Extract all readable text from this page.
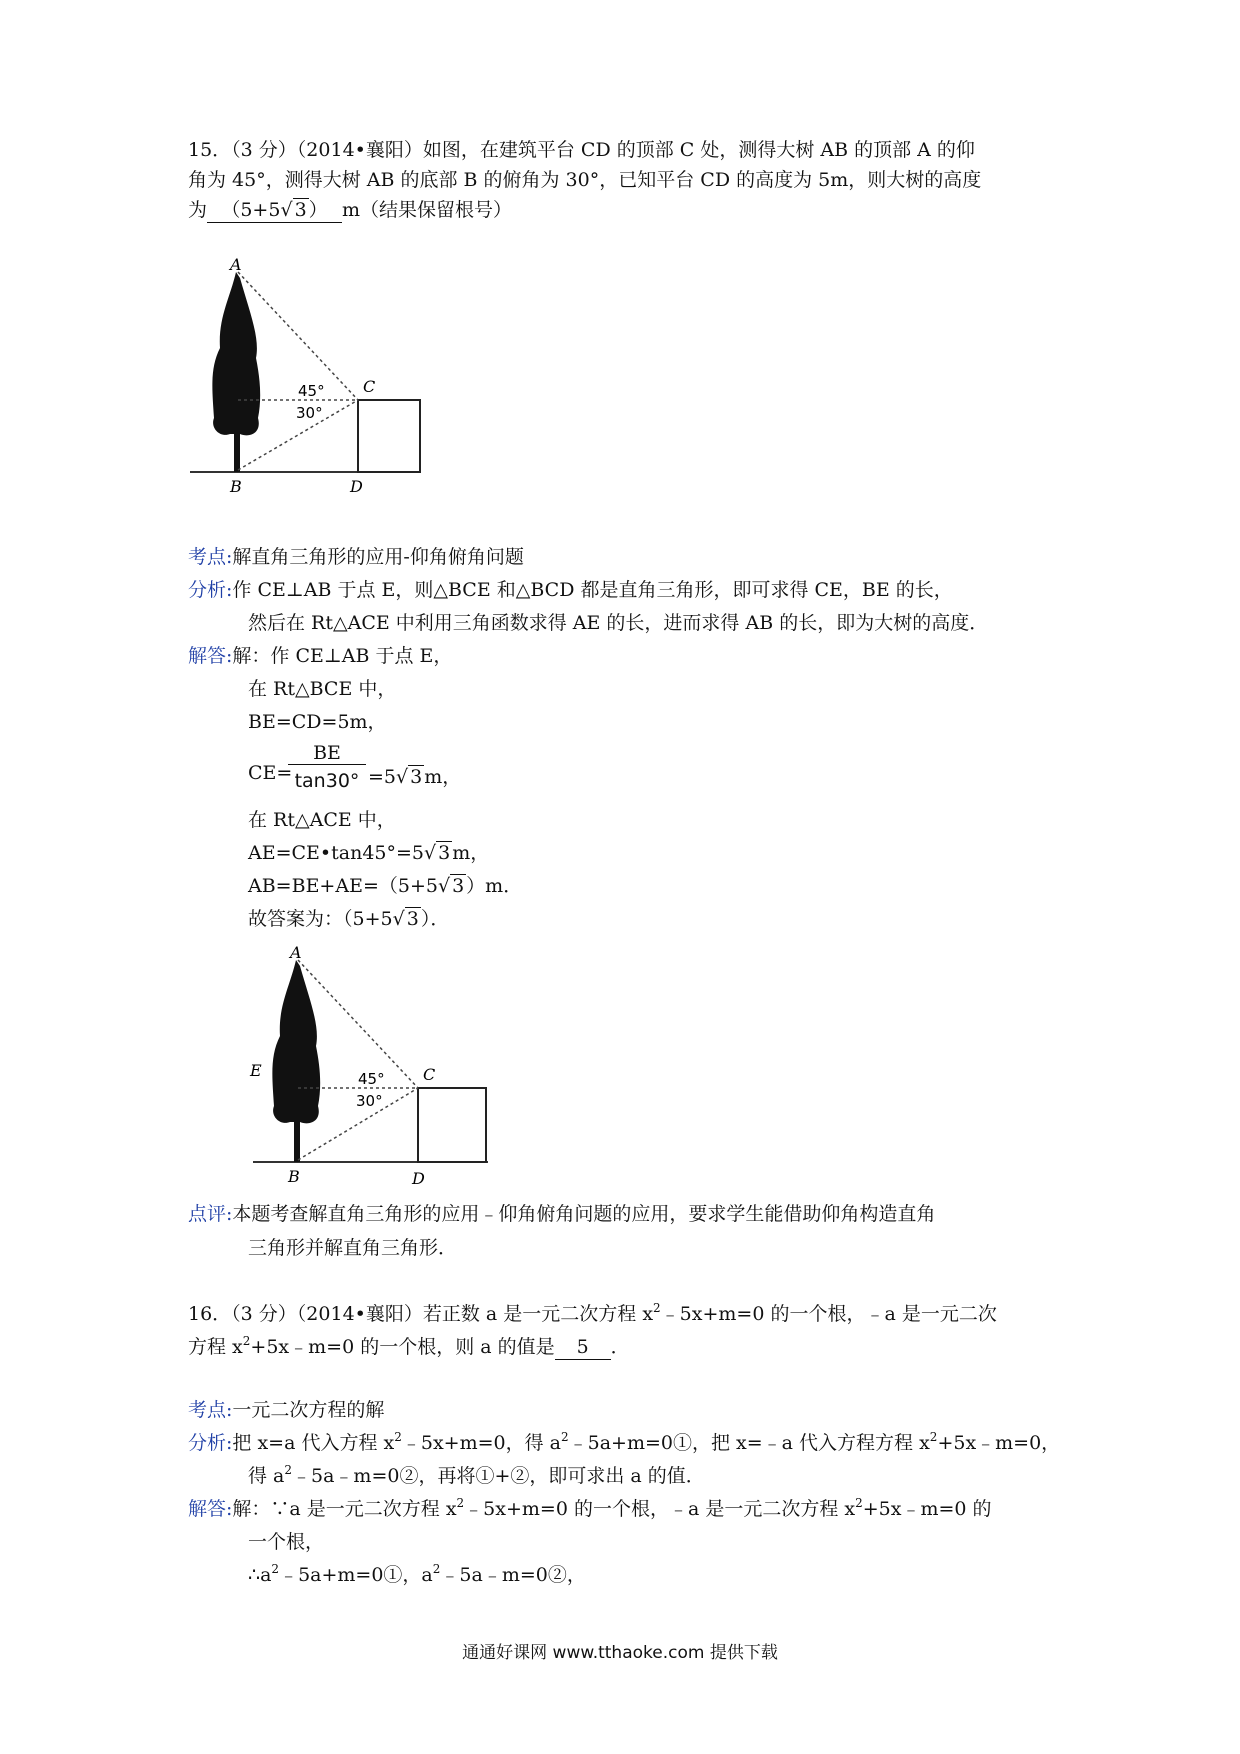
15．（3 分）（2014•襄阳）如图，在建筑平台 CD 的顶部 C 处，测得大树 AB 的顶部 A 的仰
角为 45°，测得大树 AB 的底部 B 的俯角为 30°，已知平台 CD 的高度为 5m，则大树的高度
为 （5+5√ 3 ） m（结果保留根号）
A
C
B	D
45°
30°
考点:解直角三角形的应用-仰角俯角问题
分析:作 CE⊥AB 于点 E，则△BCE 和△BCD 都是直角三角形，即可求得 CE，BE 的长，
然后在 Rt△ACE 中利用三角函数求得 AE 的长，进而求得 AB 的长，即为大树的高度．
解答:解：作 CE⊥AB 于点 E，
在 Rt△BCE 中，
BE=CD=5m，
CE=
BE
tan30° =5√ 3 m，
在 Rt△ACE 中，
AE=CE•tan45°=5√ 3 m，
AB=BE+AE=（5+5√ 3 ）m．
故答案为：（5+5√ 3 ）．
A
E	C
B	D
45°
30°
点评:本题考查解直角三角形的应用﹣仰角俯角问题的应用，要求学生能借助仰角构造直角
三角形并解直角三角形．
16．（3 分）（2014•襄阳）若正数 a 是一元二次方程 $x^2﹣5x+m=0$ 的一个根，﹣a 是一元二次
方程 $x^2+5x﹣m=0$ 的一个根，则 a 的值是 5 ．
考点:一元二次方程的解
分析:把 x=a 代入方程 $x^2﹣5x+m=0$，得 $a^2﹣5a+m=0①$，把 x=﹣a 代入方程方程 $x^2+5x﹣m=0$，
得 $a^2﹣5a﹣m=0②$，再将①+②，即可求出 a 的值．
解答:解：∵a 是一元二次方程 $x^2﹣5x+m=0$ 的一个根，﹣a 是一元二次方程 $x^2+5x﹣m=0$ 的
一个根，
$\therefore a^2﹣5a+m=0①$，$a^2﹣5a﹣m=0②$，
通通好课网 www.tthaoke.com 提供下载
